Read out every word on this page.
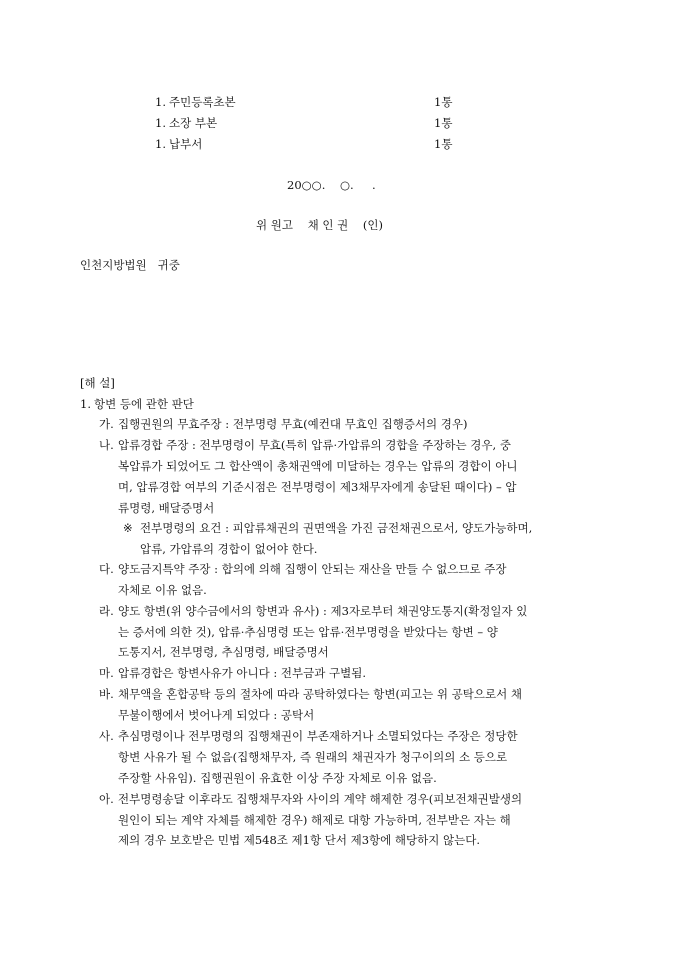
1. 주민등록초본	1통
1. 소장 부본	1통
1. 납부서	1통
20○○.    ○.     .
위 원고    채 인 권    (인)
인천지방법원   귀중
[해 설]
1. 항변 등에 관한 판단
가. 집행권원의 무효주장 : 전부명령 무효(예컨대 무효인 집행증서의 경우)
나. 압류경합 주장 : 전부명령이 무효(특히 압류·가압류의 경합을 주장하는 경우, 중
복압류가 되었어도 그 합산액이 총채권액에 미달하는 경우는 압류의 경합이 아니
며, 압류경합 여부의 기준시점은 전부명령이 제3채무자에게 송달된 때이다) – 압
류명령, 배달증명서
※ 전부명령의 요건 : 피압류채권의 권면액을 가진 금전채권으로서, 양도가능하며,
압류, 가압류의 경합이 없어야 한다.
다. 양도금지특약 주장 : 합의에 의해 집행이 안되는 재산을 만들 수 없으므로 주장
자체로 이유 없음.
라. 양도 항변(위 양수금에서의 항변과 유사) : 제3자로부터 채권양도통지(확정일자 있
는 증서에 의한 것), 압류·추심명령 또는 압류·전부명령을 받았다는 항변 – 양
도통지서, 전부명령, 추심명령, 배달증명서
마. 압류경합은 항변사유가 아니다 : 전부금과 구별됨.
바. 채무액을 혼합공탁 등의 절차에 따라 공탁하였다는 항변(피고는 위 공탁으로서 채
무불이행에서 벗어나게 되었다 : 공탁서
사. 추심명령이나 전부명령의 집행채권이 부존재하거나 소멸되었다는 주장은 정당한
항변 사유가 될 수 없음(집행채무자, 즉 원래의 채권자가 청구이의의 소 등으로
주장할 사유임). 집행권원이 유효한 이상 주장 자체로 이유 없음.
아. 전부명령송달 이후라도 집행채무자와 사이의 계약 해제한 경우(피보전채권발생의
원인이 되는 계약 자체를 해제한 경우) 해제로 대항 가능하며, 전부받은 자는 해
제의 경우 보호받은 민법 제548조 제1항 단서 제3항에 해당하지 않는다.
